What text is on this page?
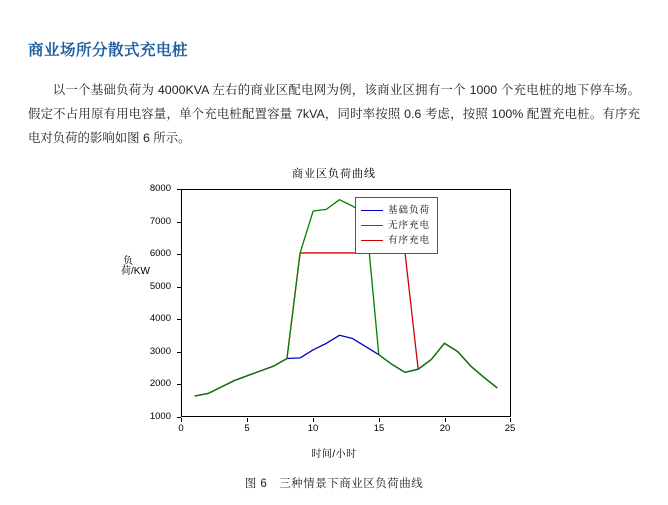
商业场所分散式充电桩

以一个基础负荷为 4000KVA 左右的商业区配电网为例，该商业区拥有一个 1000 个充电桩的地下停车场。假定不占用原有用电容量，单个充电桩配置容量 7kVA，同时率按照 0.6 考虑，按照 100% 配置充电桩。有序充电对负荷的影响如图 6 所示。

商业区负荷曲线
负荷/KW
1000
2000
3000
4000
5000
6000
7000
8000
0	5	10	15	20	25
时间/小时
基础负荷
无序充电
有序充电
图 6　三种情景下商业区负荷曲线
